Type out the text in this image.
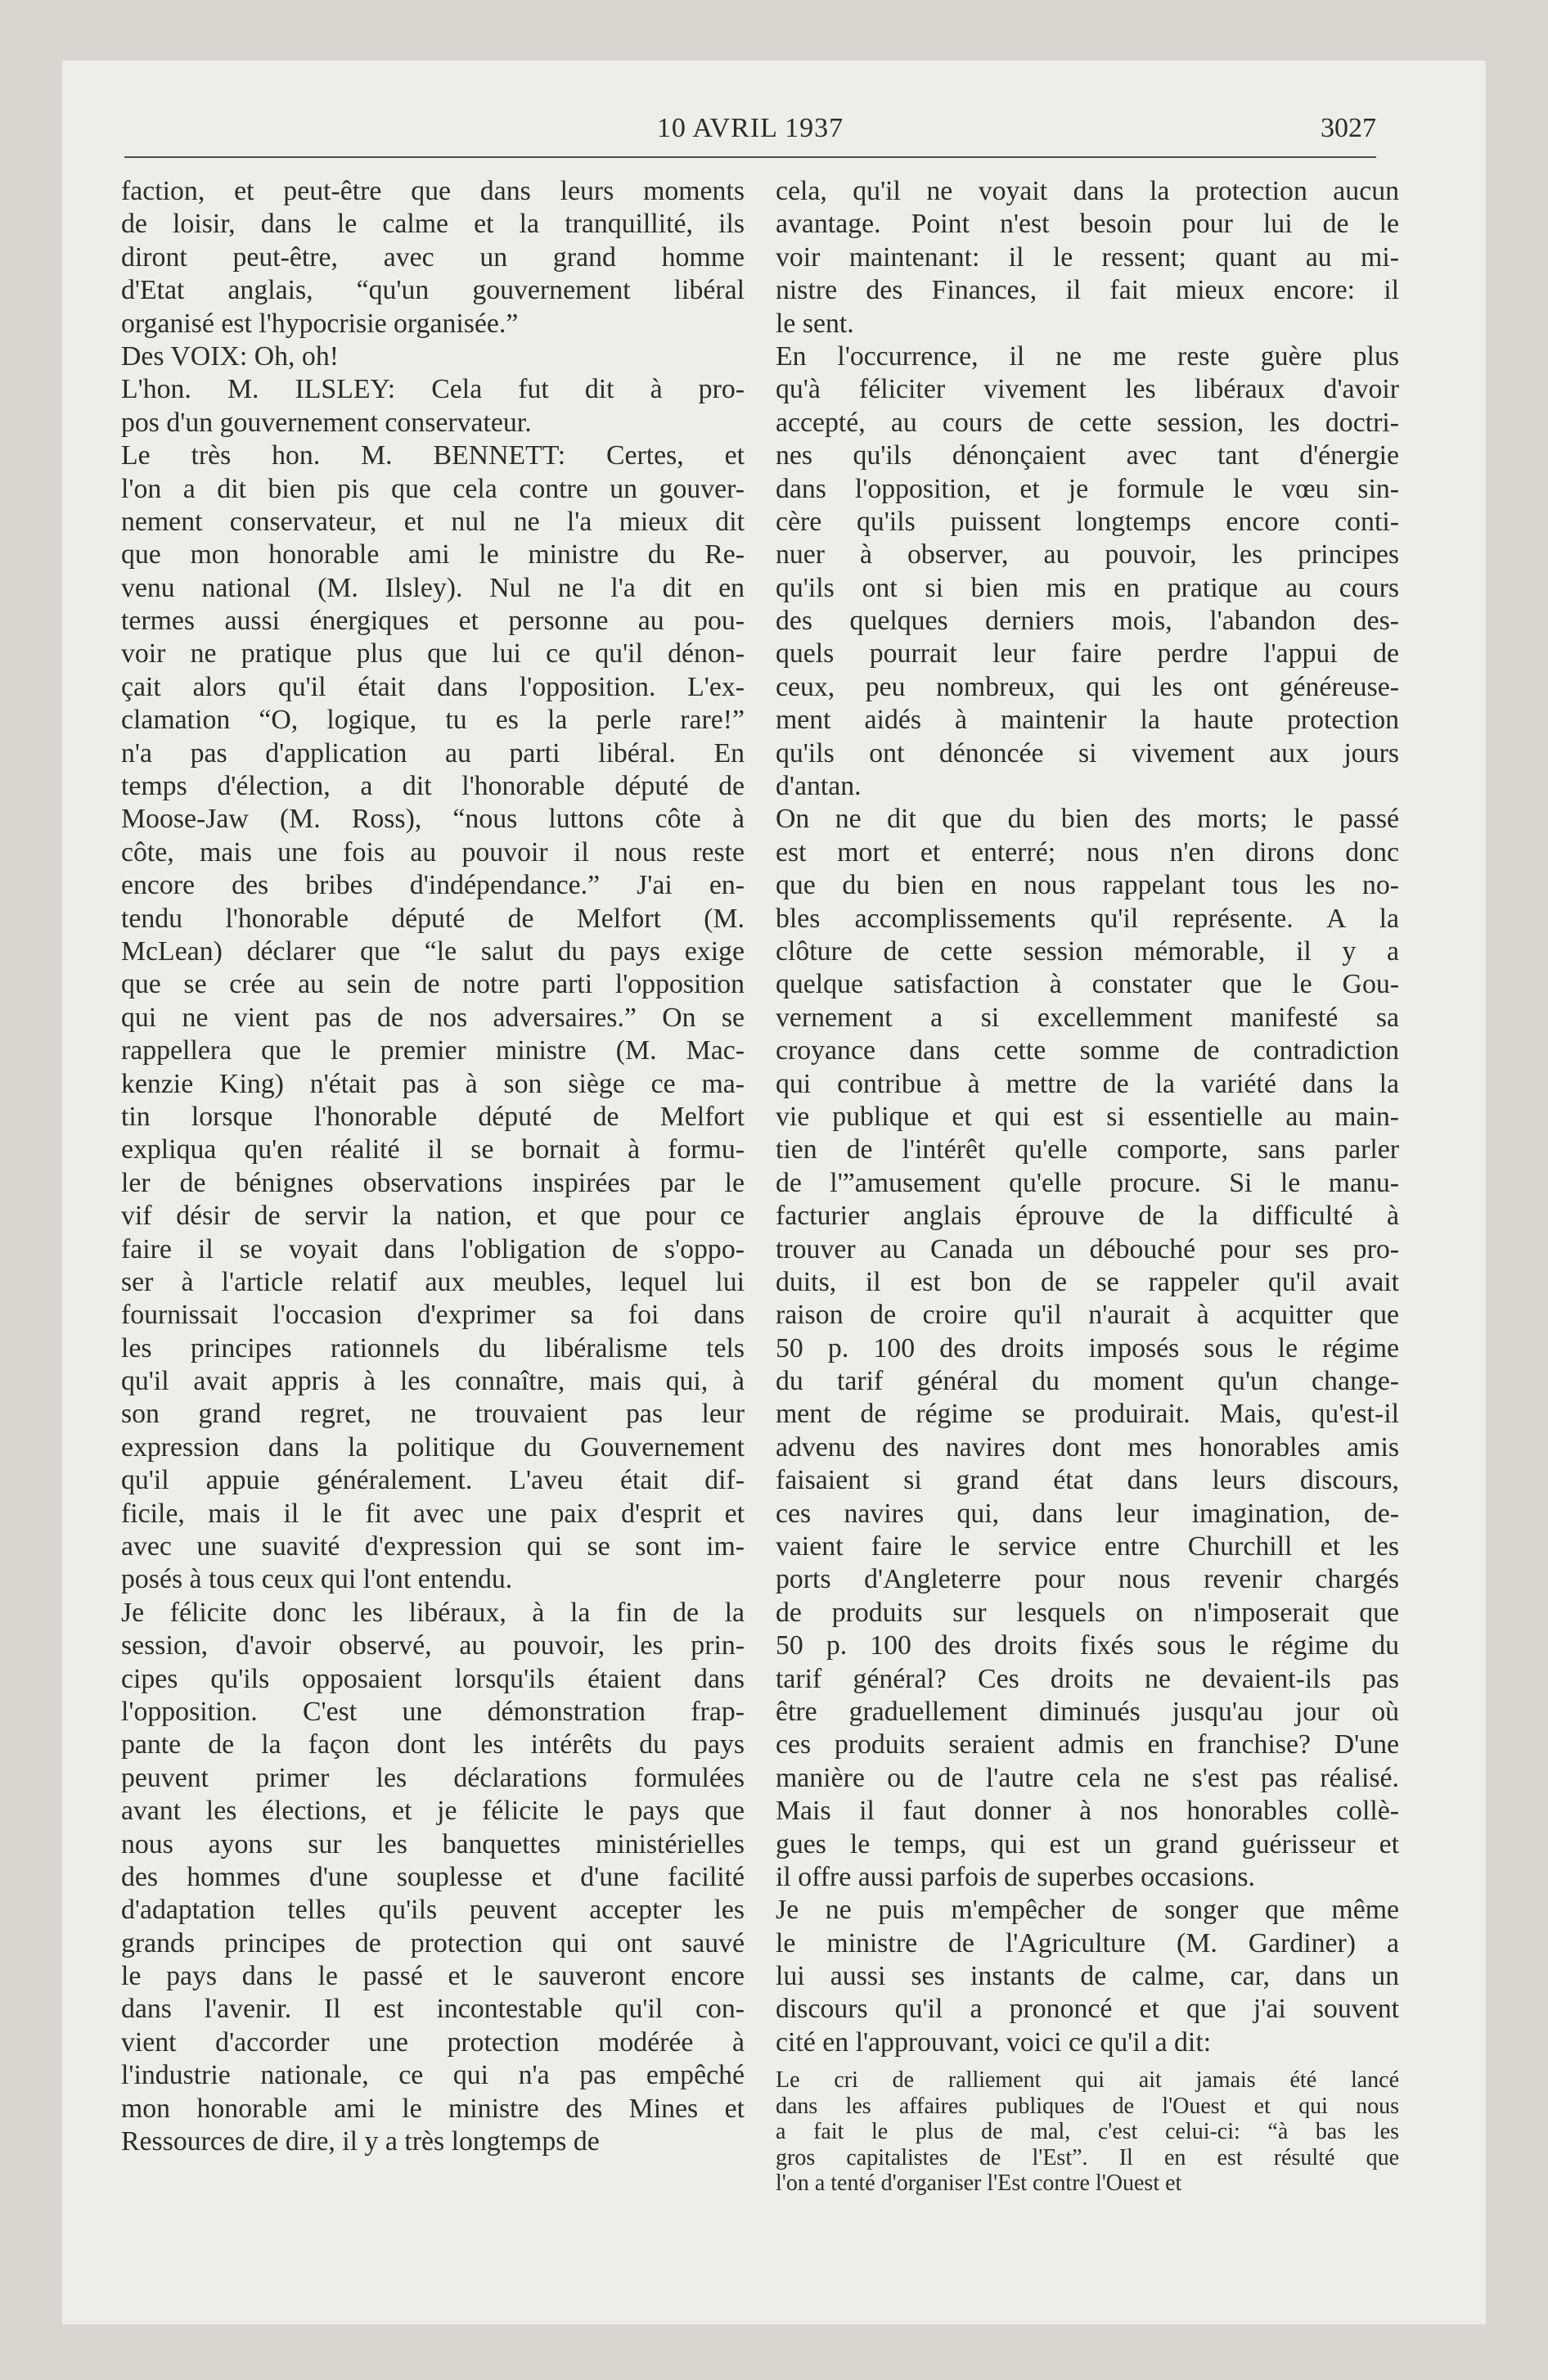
10 AVRIL 1937	3027
faction, et peut-être que dans leurs moments
de loisir, dans le calme et la tranquillité, ils
diront peut-être, avec un grand homme
d'Etat anglais, “qu'un gouvernement libéral
organisé est l'hypocrisie organisée.”
Des VOIX: Oh, oh!
L'hon. M. ILSLEY: Cela fut dit à pro-
pos d'un gouvernement conservateur.
Le très hon. M. BENNETT: Certes, et
l'on a dit bien pis que cela contre un gouver-
nement conservateur, et nul ne l'a mieux dit
que mon honorable ami le ministre du Re-
venu national (M. Ilsley). Nul ne l'a dit en
termes aussi énergiques et personne au pou-
voir ne pratique plus que lui ce qu'il dénon-
çait alors qu'il était dans l'opposition. L'ex-
clamation “O, logique, tu es la perle rare!”
n'a pas d'application au parti libéral. En
temps d'élection, a dit l'honorable député de
Moose-Jaw (M. Ross), “nous luttons côte à
côte, mais une fois au pouvoir il nous reste
encore des bribes d'indépendance.” J'ai en-
tendu l'honorable député de Melfort (M.
McLean) déclarer que “le salut du pays exige
que se crée au sein de notre parti l'opposition
qui ne vient pas de nos adversaires.” On se
rappellera que le premier ministre (M. Mac-
kenzie King) n'était pas à son siège ce ma-
tin lorsque l'honorable député de Melfort
expliqua qu'en réalité il se bornait à formu-
ler de bénignes observations inspirées par le
vif désir de servir la nation, et que pour ce
faire il se voyait dans l'obligation de s'oppo-
ser à l'article relatif aux meubles, lequel lui
fournissait l'occasion d'exprimer sa foi dans
les principes rationnels du libéralisme tels
qu'il avait appris à les connaître, mais qui, à
son grand regret, ne trouvaient pas leur
expression dans la politique du Gouvernement
qu'il appuie généralement. L'aveu était dif-
ficile, mais il le fit avec une paix d'esprit et
avec une suavité d'expression qui se sont im-
posés à tous ceux qui l'ont entendu.
Je félicite donc les libéraux, à la fin de la
session, d'avoir observé, au pouvoir, les prin-
cipes qu'ils opposaient lorsqu'ils étaient dans
l'opposition. C'est une démonstration frap-
pante de la façon dont les intérêts du pays
peuvent primer les déclarations formulées
avant les élections, et je félicite le pays que
nous ayons sur les banquettes ministérielles
des hommes d'une souplesse et d'une facilité
d'adaptation telles qu'ils peuvent accepter les
grands principes de protection qui ont sauvé
le pays dans le passé et le sauveront encore
dans l'avenir. Il est incontestable qu'il con-
vient d'accorder une protection modérée à
l'industrie nationale, ce qui n'a pas empêché
mon honorable ami le ministre des Mines et
Ressources de dire, il y a très longtemps de
cela, qu'il ne voyait dans la protection aucun
avantage. Point n'est besoin pour lui de le
voir maintenant: il le ressent; quant au mi-
nistre des Finances, il fait mieux encore: il
le sent.
En l'occurrence, il ne me reste guère plus
qu'à féliciter vivement les libéraux d'avoir
accepté, au cours de cette session, les doctri-
nes qu'ils dénonçaient avec tant d'énergie
dans l'opposition, et je formule le vœu sin-
cère qu'ils puissent longtemps encore conti-
nuer à observer, au pouvoir, les principes
qu'ils ont si bien mis en pratique au cours
des quelques derniers mois, l'abandon des-
quels pourrait leur faire perdre l'appui de
ceux, peu nombreux, qui les ont généreuse-
ment aidés à maintenir la haute protection
qu'ils ont dénoncée si vivement aux jours
d'antan.
On ne dit que du bien des morts; le passé
est mort et enterré; nous n'en dirons donc
que du bien en nous rappelant tous les no-
bles accomplissements qu'il représente. A la
clôture de cette session mémorable, il y a
quelque satisfaction à constater que le Gou-
vernement a si excellemment manifesté sa
croyance dans cette somme de contradiction
qui contribue à mettre de la variété dans la
vie publique et qui est si essentielle au main-
tien de l'intérêt qu'elle comporte, sans parler
de l'”amusement qu'elle procure. Si le manu-
facturier anglais éprouve de la difficulté à
trouver au Canada un débouché pour ses pro-
duits, il est bon de se rappeler qu'il avait
raison de croire qu'il n'aurait à acquitter que
50 p. 100 des droits imposés sous le régime
du tarif général du moment qu'un change-
ment de régime se produirait. Mais, qu'est-il
advenu des navires dont mes honorables amis
faisaient si grand état dans leurs discours,
ces navires qui, dans leur imagination, de-
vaient faire le service entre Churchill et les
ports d'Angleterre pour nous revenir chargés
de produits sur lesquels on n'imposerait que
50 p. 100 des droits fixés sous le régime du
tarif général? Ces droits ne devaient-ils pas
être graduellement diminués jusqu'au jour où
ces produits seraient admis en franchise? D'une
manière ou de l'autre cela ne s'est pas réalisé.
Mais il faut donner à nos honorables collè-
gues le temps, qui est un grand guérisseur et
il offre aussi parfois de superbes occasions.
Je ne puis m'empêcher de songer que même
le ministre de l'Agriculture (M. Gardiner) a
lui aussi ses instants de calme, car, dans un
discours qu'il a prononcé et que j'ai souvent
cité en l'approuvant, voici ce qu'il a dit:
Le cri de ralliement qui ait jamais été lancé
dans les affaires publiques de l'Ouest et qui nous
a fait le plus de mal, c'est celui-ci: “à bas les
gros capitalistes de l'Est”. Il en est résulté que
l'on a tenté d'organiser l'Est contre l'Ouest et
